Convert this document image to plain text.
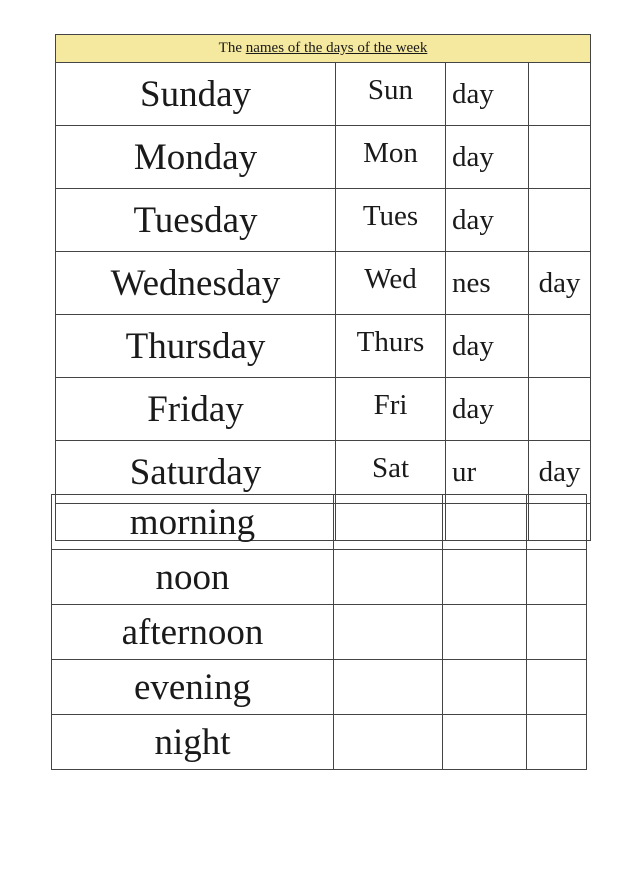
The names of the days of the week			
Sunday	Sun	day	
Monday	Mon	day	
Tuesday	Tues	day	
Wednesday	Wed	nes	day
Thursday	Thurs	day	
Friday	Fri	day	
Saturday	Sat	ur	day

morning			
noon			
afternoon			
evening			
night			
